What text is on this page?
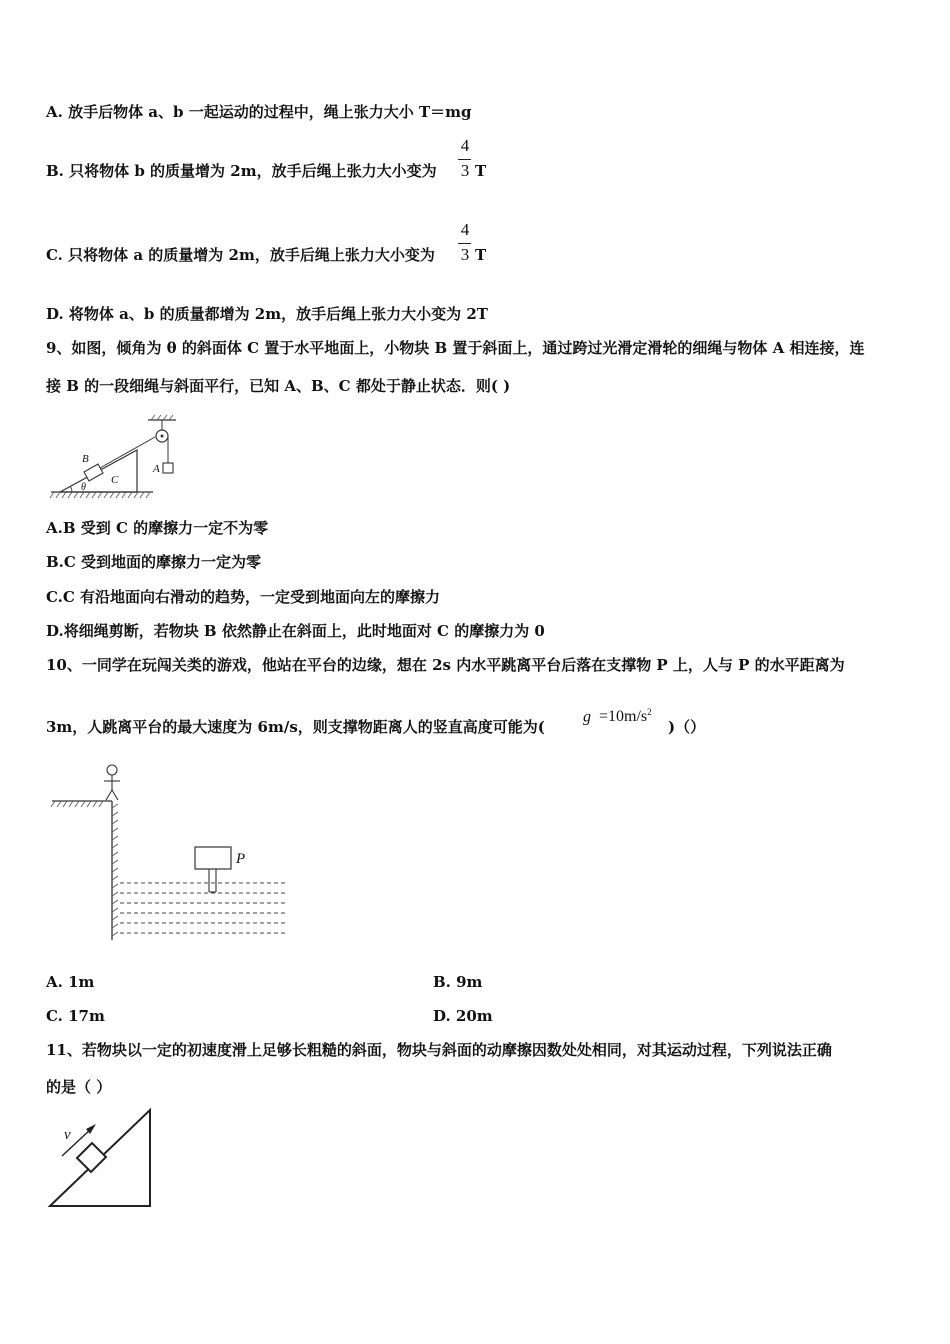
A. 放手后物体 a、b 一起运动的过程中，绳上张力大小 T＝mg
B. 只将物体 b 的质量增为 2m，放手后绳上张力大小变为
4
3 T
C. 只将物体 a 的质量增为 2m，放手后绳上张力大小变为
4
3 T
D. 将物体 a、b 的质量都增为 2m，放手后绳上张力大小变为 2T
9、如图，倾角为 θ 的斜面体 C 置于水平地面上，小物块 B 置于斜面上，通过跨过光滑定滑轮的细绳与物体 A 相连接，连
接 B 的一段细绳与斜面平行，已知 A、B、C 都处于静止状态．则( )
B
C
A
θ
A.B 受到 C 的摩擦力一定不为零
B.C 受到地面的摩擦力一定为零
C.C 有沿地面向右滑动的趋势，一定受到地面向左的摩擦力
D.将细绳剪断，若物块 B 依然静止在斜面上，此时地面对 C 的摩擦力为 0
10、一同学在玩闯关类的游戏，他站在平台的边缘，想在 2s 内水平跳离平台后落在支撑物 P 上，人与 P 的水平距离为
3m，人跳离平台的最大速度为 6m/s，则支撑物距离人的竖直高度可能为(
$g =10m/s^2$
)（）
P
A. 1m	B. 9m
C. 17m	D. 20m
11、若物块以一定的初速度滑上足够长粗糙的斜面，物块与斜面的动摩擦因数处处相同，对其运动过程，下列说法正确
的是（ ）
v
